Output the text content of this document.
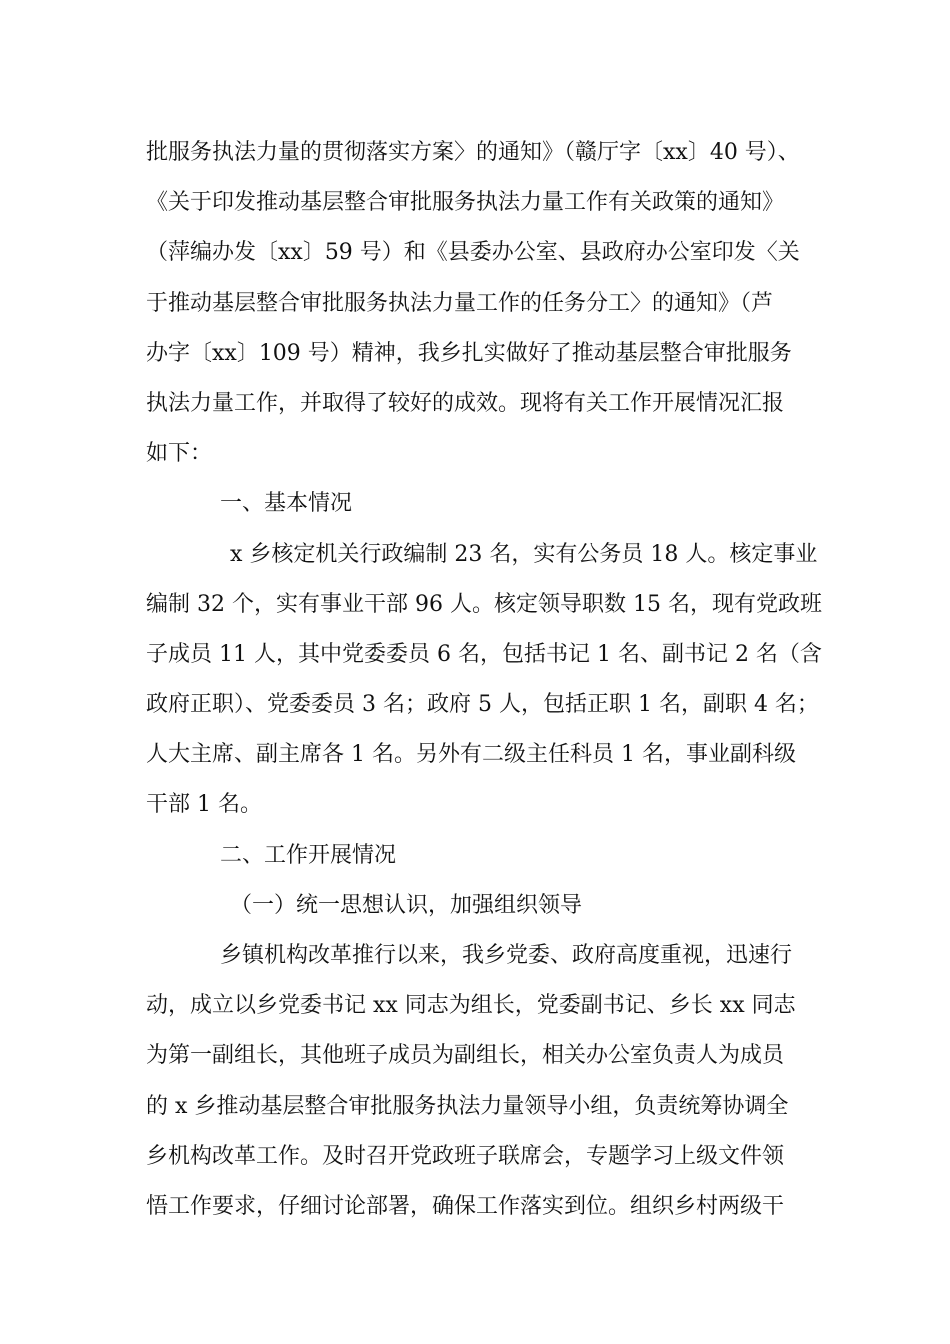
批服务执法力量的贯彻落实方案〉的通知》（赣厅字〔xx〕40 号）、
《关于印发推动基层整合审批服务执法力量工作有关政策的通知》
（萍编办发〔xx〕59 号）和《县委办公室、县政府办公室印发〈关
于推动基层整合审批服务执法力量工作的任务分工〉的通知》（芦
办字〔xx〕109 号）精神，我乡扎实做好了推动基层整合审批服务
执法力量工作，并取得了较好的成效。现将有关工作开展情况汇报
如下：
一、基本情况
x 乡核定机关行政编制 23 名，实有公务员 18 人。核定事业
编制 32 个，实有事业干部 96 人。核定领导职数 15 名，现有党政班
子成员 11 人，其中党委委员 6 名，包括书记 1 名、副书记 2 名（含
政府正职）、党委委员 3 名；政府 5 人，包括正职 1 名，副职 4 名；
人大主席、副主席各 1 名。另外有二级主任科员 1 名，事业副科级
干部 1 名。
二、工作开展情况
（一）统一思想认识，加强组织领导
乡镇机构改革推行以来，我乡党委、政府高度重视，迅速行
动，成立以乡党委书记 xx 同志为组长，党委副书记、乡长 xx 同志
为第一副组长，其他班子成员为副组长，相关办公室负责人为成员
的 x 乡推动基层整合审批服务执法力量领导小组，负责统筹协调全
乡机构改革工作。及时召开党政班子联席会，专题学习上级文件领
悟工作要求，仔细讨论部署，确保工作落实到位。组织乡村两级干
